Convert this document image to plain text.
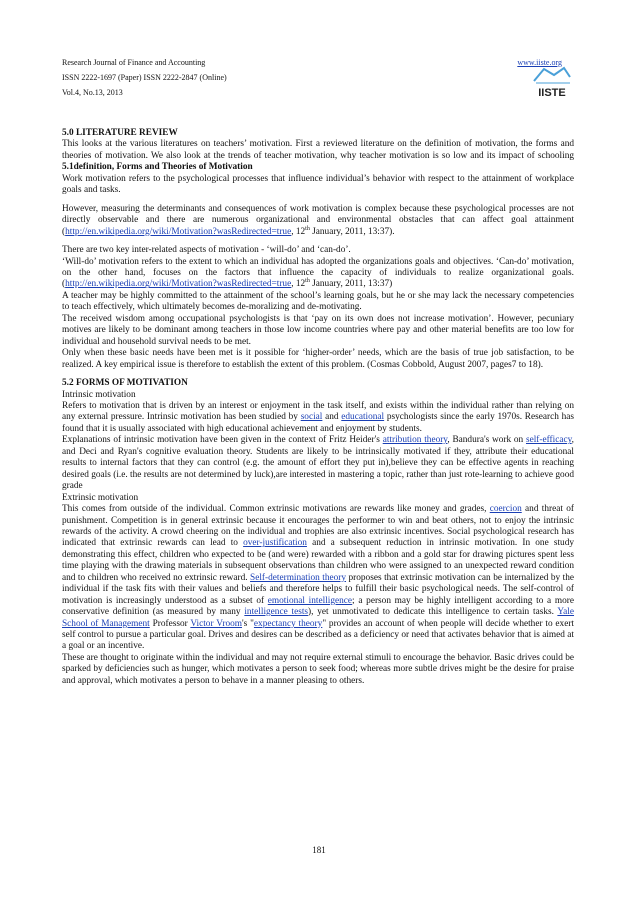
Research Journal of Finance and Accounting
ISSN 2222-1697 (Paper) ISSN 2222-2847 (Online)
Vol.4, No.13, 2013
www.iiste.org
IISTE

5.0 LITERATURE REVIEW

This looks at the various literatures on teachers’ motivation. First a reviewed literature on the definition of motivation, the forms and theories of motivation. We also look at the trends of teacher motivation, why teacher motivation is so low and its impact of schooling 5.1definition, Forms and Theories of Motivation

Work motivation refers to the psychological processes that influence individual’s behavior with respect to the attainment of workplace goals and tasks.

However, measuring the determinants and consequences of work motivation is complex because these psychological processes are not directly observable and there are numerous organizational and environmental obstacles that can affect goal attainment (http://en.wikipedia.org/wiki/Motivation?wasRedirected=true, 12th January, 2011, 13:37).

There are two key inter-related aspects of motivation - ‘will-do’ and ‘can-do’.

‘Will-do’ motivation refers to the extent to which an individual has adopted the organizations goals and objectives. ‘Can-do’ motivation, on the other hand, focuses on the factors that influence the capacity of individuals to realize organizational goals. (http://en.wikipedia.org/wiki/Motivation?wasRedirected=true, 12th January, 2011, 13:37)

A teacher may be highly committed to the attainment of the school’s learning goals, but he or she may lack the necessary competencies to teach effectively, which ultimately becomes de-moralizing and de-motivating.

The received wisdom among occupational psychologists is that ‘pay on its own does not increase motivation’. However, pecuniary motives are likely to be dominant among teachers in those low income countries where pay and other material benefits are too low for individual and household survival needs to be met.

Only when these basic needs have been met is it possible for ‘higher-order’ needs, which are the basis of true job satisfaction, to be realized. A key empirical issue is therefore to establish the extent of this problem. (Cosmas Cobbold, August 2007, pages7 to 18).

5.2 FORMS OF MOTIVATION

Intrinsic motivation

Refers to motivation that is driven by an interest or enjoyment in the task itself, and exists within the individual rather than relying on any external pressure. Intrinsic motivation has been studied by social and educational psychologists since the early 1970s. Research has found that it is usually associated with high educational achievement and enjoyment by students.

Explanations of intrinsic motivation have been given in the context of Fritz Heider's attribution theory, Bandura's work on self-efficacy, and Deci and Ryan's cognitive evaluation theory. Students are likely to be intrinsically motivated if they, attribute their educational results to internal factors that they can control (e.g. the amount of effort they put in),believe they can be effective agents in reaching desired goals (i.e. the results are not determined by luck),are interested in mastering a topic, rather than just rote-learning to achieve good grade

Extrinsic motivation

This comes from outside of the individual. Common extrinsic motivations are rewards like money and grades, coercion and threat of punishment. Competition is in general extrinsic because it encourages the performer to win and beat others, not to enjoy the intrinsic rewards of the activity. A crowd cheering on the individual and trophies are also extrinsic incentives. Social psychological research has indicated that extrinsic rewards can lead to over-justification and a subsequent reduction in intrinsic motivation. In one study demonstrating this effect, children who expected to be (and were) rewarded with a ribbon and a gold star for drawing pictures spent less time playing with the drawing materials in subsequent observations than children who were assigned to an unexpected reward condition and to children who received no extrinsic reward. Self-determination theory proposes that extrinsic motivation can be internalized by the individual if the task fits with their values and beliefs and therefore helps to fulfill their basic psychological needs. The self-control of motivation is increasingly understood as a subset of emotional intelligence; a person may be highly intelligent according to a more conservative definition (as measured by many intelligence tests), yet unmotivated to dedicate this intelligence to certain tasks. Yale School of Management Professor Victor Vroom's "expectancy theory" provides an account of when people will decide whether to exert self control to pursue a particular goal. Drives and desires can be described as a deficiency or need that activates behavior that is aimed at a goal or an incentive.

These are thought to originate within the individual and may not require external stimuli to encourage the behavior. Basic drives could be sparked by deficiencies such as hunger, which motivates a person to seek food; whereas more subtle drives might be the desire for praise and approval, which motivates a person to behave in a manner pleasing to others.

181
